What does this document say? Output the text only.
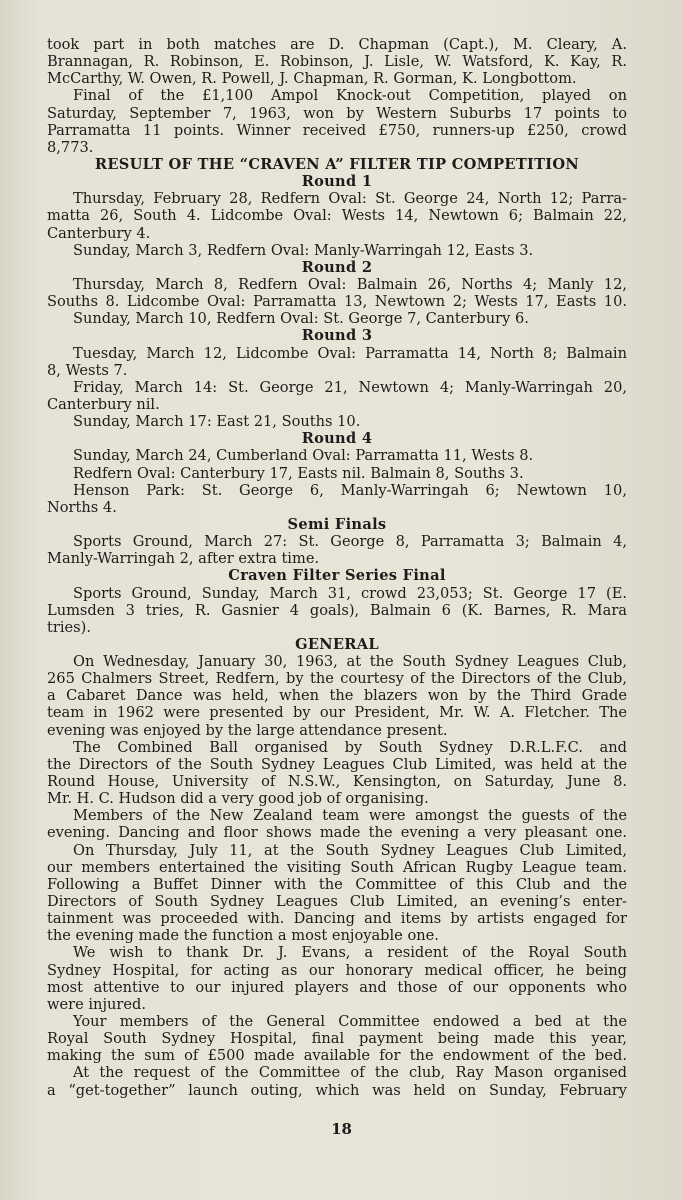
took part in both matches are D. Chapman (Capt.), M. Cleary, A.
Brannagan, R. Robinson, E. Robinson, J. Lisle, W. Watsford, K. Kay, R.
McCarthy, W. Owen, R. Powell, J. Chapman, R. Gorman, K. Longbottom.
Final of the £1,100 Ampol Knock-out Competition, played on
Saturday, September 7, 1963, won by Western Suburbs 17 points to
Parramatta 11 points. Winner received £750, runners-up £250, crowd
8,773.
RESULT OF THE “CRAVEN A” FILTER TIP COMPETITION
Round 1
Thursday, February 28, Redfern Oval: St. George 24, North 12; Parra-
matta 26, South 4. Lidcombe Oval: Wests 14, Newtown 6; Balmain 22,
Canterbury 4.
Sunday, March 3, Redfern Oval: Manly-Warringah 12, Easts 3.
Round 2
Thursday, March 8, Redfern Oval: Balmain 26, Norths 4; Manly 12,
Souths 8. Lidcombe Oval: Parramatta 13, Newtown 2; Wests 17, Easts 10.
Sunday, March 10, Redfern Oval: St. George 7, Canterbury 6.
Round 3
Tuesday, March 12, Lidcombe Oval: Parramatta 14, North 8; Balmain
8, Wests 7.
Friday, March 14: St. George 21, Newtown 4; Manly-Warringah 20,
Canterbury nil.
Sunday, March 17: East 21, Souths 10.
Round 4
Sunday, March 24, Cumberland Oval: Parramatta 11, Wests 8.
Redfern Oval: Canterbury 17, Easts nil. Balmain 8, Souths 3.
Henson Park: St. George 6, Manly-Warringah 6; Newtown 10,
Norths 4.
Semi Finals
Sports Ground, March 27: St. George 8, Parramatta 3; Balmain 4,
Manly-Warringah 2, after extra time.
Craven Filter Series Final
Sports Ground, Sunday, March 31, crowd 23,053; St. George 17 (E.
Lumsden 3 tries, R. Gasnier 4 goals), Balmain 6 (K. Barnes, R. Mara
tries).
GENERAL
On Wednesday, January 30, 1963, at the South Sydney Leagues Club,
265 Chalmers Street, Redfern, by the courtesy of the Directors of the Club,
a Cabaret Dance was held, when the blazers won by the Third Grade
team in 1962 were presented by our President, Mr. W. A. Fletcher. The
evening was enjoyed by the large attendance present.
The Combined Ball organised by South Sydney D.R.L.F.C. and
the Directors of the South Sydney Leagues Club Limited, was held at the
Round House, University of N.S.W., Kensington, on Saturday, June 8.
Mr. H. C. Hudson did a very good job of organising.
Members of the New Zealand team were amongst the guests of the
evening. Dancing and floor shows made the evening a very pleasant one.
On Thursday, July 11, at the South Sydney Leagues Club Limited,
our members entertained the visiting South African Rugby League team.
Following a Buffet Dinner with the Committee of this Club and the
Directors of South Sydney Leagues Club Limited, an evening’s enter-
tainment was proceeded with. Dancing and items by artists engaged for
the evening made the function a most enjoyable one.
We wish to thank Dr. J. Evans, a resident of the Royal South
Sydney Hospital, for acting as our honorary medical officer, he being
most attentive to our injured players and those of our opponents who
were injured.
Your members of the General Committee endowed a bed at the
Royal South Sydney Hospital, final payment being made this year,
making the sum of £500 made available for the endowment of the bed.
At the request of the Committee of the club, Ray Mason organised
a “get-together” launch outing, which was held on Sunday, February
18
